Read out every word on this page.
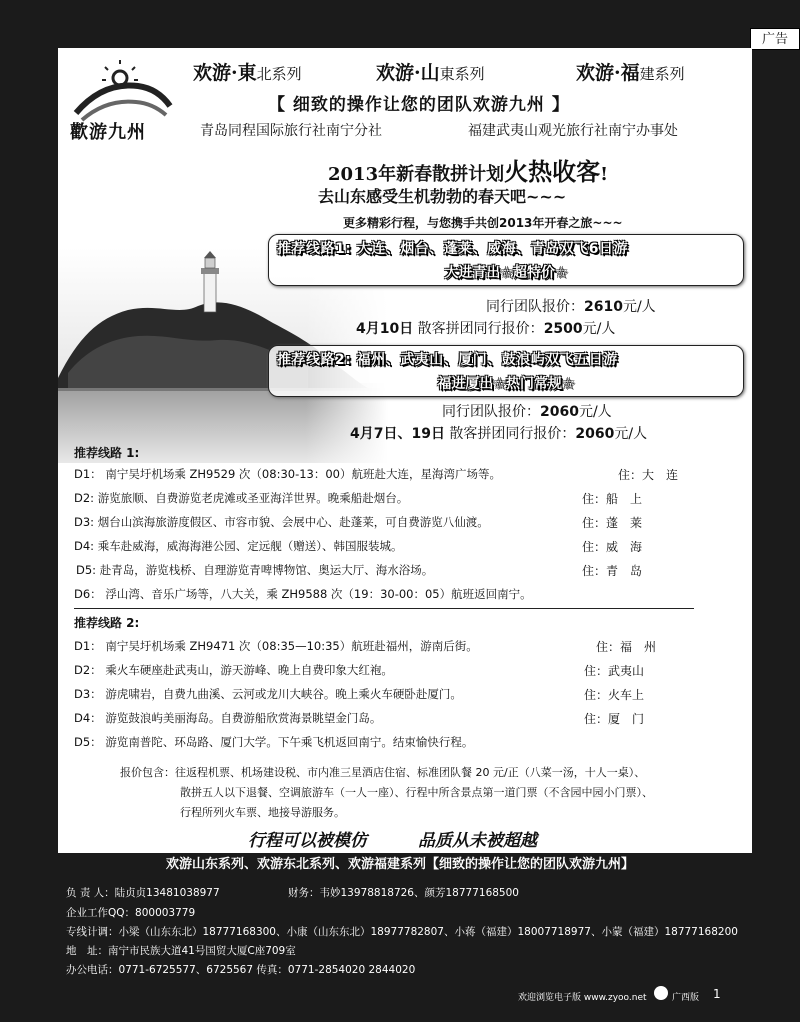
广告
歡游九州
欢游·東北系列	欢游·山東系列	欢游·福建系列
【 细致的操作让您的团队欢游九州 】
青岛同程国际旅行社南宁分社	福建武夷山观光旅行社南宁办事处
2013年新春散拼计划火热收客!
去山东感受生机勃勃的春天吧~~~
更多精彩行程，与您携手共创2013年开春之旅~~~
推荐线路1: 大连、烟台、蓬莱、威海、青岛双飞6日游
大进青出☆超特价☆
同行团队报价：2610元/人
4月10日 散客拼团同行报价：2500元/人
推荐线路2: 福州、武夷山、厦门、鼓浪屿双飞五日游
福进厦出☆热门常规☆
同行团队报价：2060元/人
4月7日、19日 散客拼团同行报价：2060元/人
推荐线路 1:
D1： 南宁吴圩机场乘 ZH9529 次（08:30-13：00）航班赴大连，星海湾广场等。	住：大　连
D2: 游览旅顺、自费游览老虎滩或圣亚海洋世界。晚乘船赴烟台。	住：船　上
D3: 烟台山滨海旅游度假区、市容市貌、会展中心、赴蓬莱，可自费游览八仙渡。	住：蓬　莱
D4: 乘车赴威海，威海海港公园、定远舰（赠送）、韩国服装城。	住：威　海
D5: 赴青岛，游览栈桥、自理游览青啤博物馆、奥运大厅、海水浴场。	住：青　岛
D6： 浮山湾、音乐广场等，八大关，乘 ZH9588 次（19：30-00：05）航班返回南宁。
推荐线路 2:
D1： 南宁吴圩机场乘 ZH9471 次（08:35—10:35）航班赴福州，游南后街。	住：福　州
D2： 乘火车硬座赴武夷山，游天游峰、晚上自费印象大红袍。	住：武夷山
D3： 游虎啸岩，自费九曲溪、云河或龙川大峡谷。晚上乘火车硬卧赴厦门。	住：火车上
D4： 游览鼓浪屿美丽海岛。自费游船欣赏海景眺望金门岛。	住：厦　门
D5： 游览南普陀、环岛路、厦门大学。下午乘飞机返回南宁。结束愉快行程。
报价包含：往返程机票、机场建设税、市内准三星酒店住宿、标准团队餐 20 元/正（八菜一汤，十人一桌）、
散拼五人以下退餐、空调旅游车（一人一座）、行程中所含景点第一道门票（不含园中园小门票）、
行程所列火车票、地接导游服务。
行程可以被模仿	品质从未被超越
欢游山东系列、欢游东北系列、欢游福建系列【细致的操作让您的团队欢游九州】
负 责 人：陆贞贞13481038977	财务：韦妙13978818726、颜芳18777168500
企业工作QQ：800003779
专线计调：小梁（山东东北）18777168300、小康（山东东北）18977782807、小蒋（福建）18007718977、小蒙（福建）18777168200
地　址：南宁市民族大道41号国贸大厦C座709室
办公电话：0771-6725577、6725567 传真：0771-2854020 2844020
欢迎浏览电子版 www.zyoo.net	广西版 1
